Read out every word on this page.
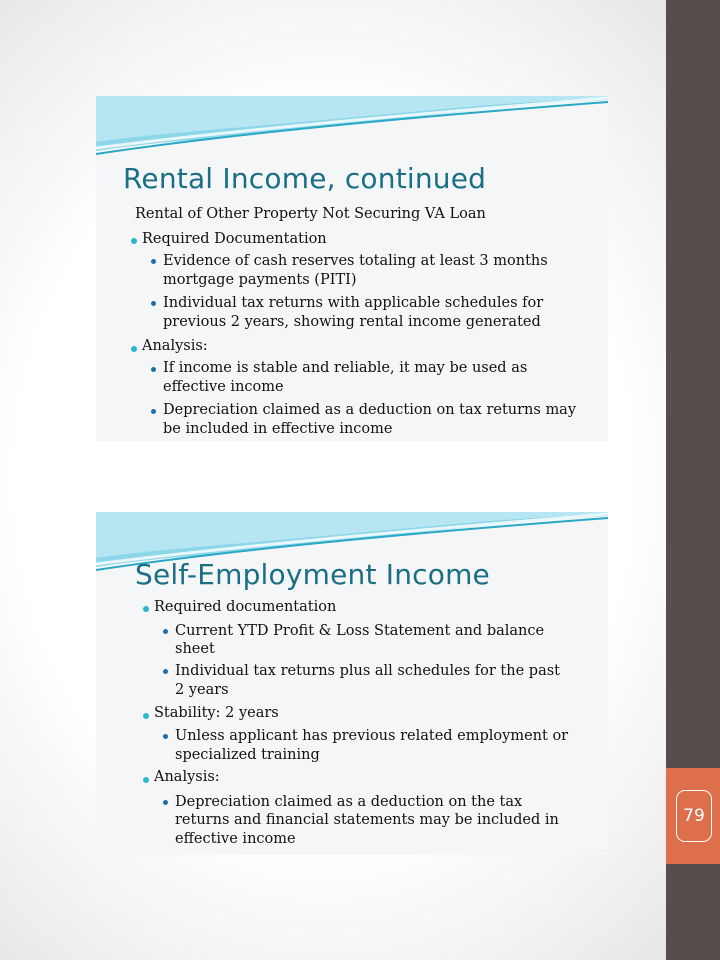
79
Rental Income, continued
Rental of Other Property Not Securing VA Loan
Required Documentation
Evidence of cash reserves totaling at least 3 months
mortgage payments (PITI)
Individual tax returns with applicable schedules for
previous 2 years, showing rental income generated
Analysis:
If income is stable and reliable, it may be used as
effective income
Depreciation claimed as a deduction on tax returns may
be included in effective income
Self-Employment Income
Required documentation
Current YTD Profit & Loss Statement and balance
sheet
Individual tax returns plus all schedules for the past
2 years
Stability: 2 years
Unless applicant has previous related employment or
specialized training
Analysis:
Depreciation claimed as a deduction on the tax
returns and financial statements may be included in
effective income
